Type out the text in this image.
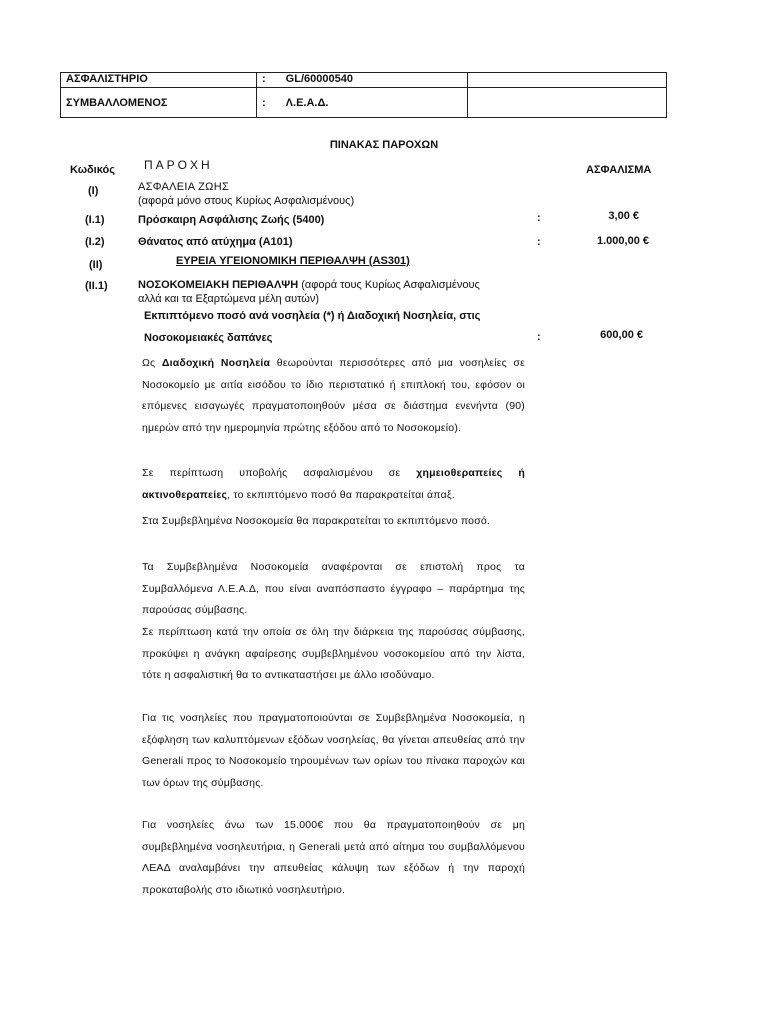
ΑΣΦΑΛΙΣΤΗΡΙΟ	: GL/60000540	
ΣΥΜΒΑΛΛΟΜΕΝΟΣ	: Λ.Ε.Α.Δ.	
ΠΙΝΑΚΑΣ ΠΑΡΟΧΩΝ
Κωδικός ΠΑΡΟΧΗ	ΑΣΦΑΛΙΣΜΑ
(I)	ΑΣΦΑΛΕΙΑ ΖΩΗΣ
(αφορά μόνο στους Κυρίως Ασφαλισμένους)
(I.1)	Πρόσκαιρη Ασφάλισης Ζωής (5400)	:	3,00 €
(I.2)	Θάνατος από ατύχημα (A101)	:	1.000,00 €
(II)	ΕΥΡΕΙΑ ΥΓΕΙΟΝΟΜΙΚΗ ΠΕΡΙΘΑΛΨΗ (AS301)
(II.1)	ΝΟΣΟΚΟΜΕΙΑΚΗ ΠΕΡΙΘΑΛΨΗ (αφορά τους Κυρίως Ασφαλισμένους
αλλά και τα Εξαρτώμενα μέλη αυτών)
Εκπιπτόμενο ποσό ανά νοσηλεία (*) ή Διαδοχική Νοσηλεία, στις
Νοσοκομειακές δαπάνες	:	600,00 €

Ως Διαδοχική Νοσηλεία θεωρούνται περισσότερες από μια νοσηλείες σε Νοσοκομείο με αιτία εισόδου το ίδιο περιστατικό ή επιπλοκή του, εφόσον οι επόμενες εισαγωγές πραγματοποιηθούν μέσα σε διάστημα ενενήντα (90) ημερών από την ημερομηνία πρώτης εξόδου από το Νοσοκομείο).

Σε περίπτωση υποβολής ασφαλισμένου σε χημειοθεραπείες ή ακτινοθεραπείες, το εκπιπτόμενο ποσό θα παρακρατείται άπαξ.

Στα Συμβεβλημένα Νοσοκομεία θα παρακρατείται το εκπιπτόμενο ποσό.

Τα Συμβεβλημένα Νοσοκομεία αναφέρονται σε επιστολή προς τα Συμβαλλόμενα Λ.Ε.Α.Δ, που είναι αναπόσπαστο έγγραφο – παράρτημα της παρούσας σύμβασης.

Σε περίπτωση κατά την οποία σε όλη την διάρκεια της παρούσας σύμβασης, προκύψει η ανάγκη αφαίρεσης συμβεβλημένου νοσοκομείου από την λίστα, τότε η ασφαλιστική θα το αντικαταστήσει με άλλο ισοδύναμο.

Για τις νοσηλείες που πραγματοποιούνται σε Συμβεβλημένα Νοσοκομεία, η εξόφληση των καλυπτόμενων εξόδων νοσηλείας, θα γίνεται απευθείας από την Generali προς το Νοσοκομείο τηρουμένων των ορίων του πίνακα παροχών και των όρων της σύμβασης.

Για νοσηλείες άνω των 15.000€ που θα πραγματοποιηθούν σε μη συμβεβλημένα νοσηλευτήρια, η Generali μετά από αίτημα του συμβαλλόμενου ΛΕΑΔ αναλαμβάνει την απευθείας κάλυψη των εξόδων ή την παροχή προκαταβολής στο ιδιωτικό νοσηλευτήριο.
